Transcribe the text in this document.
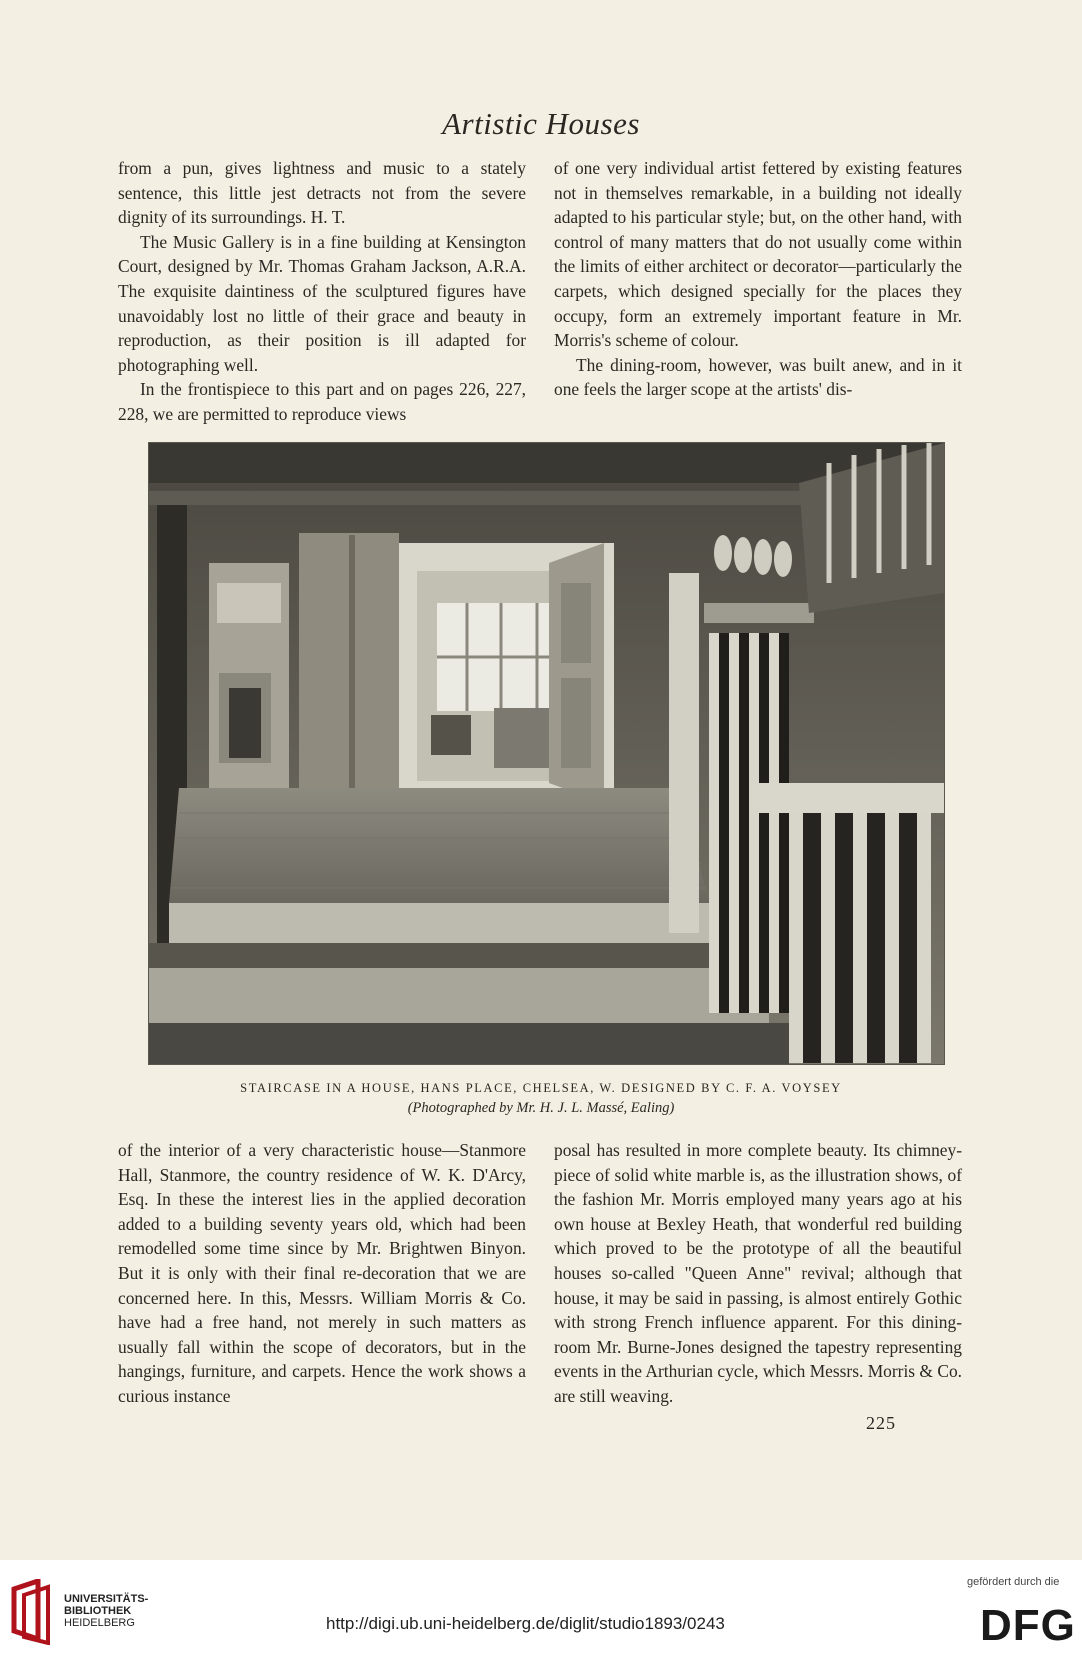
Artistic Houses

from a pun, gives lightness and music to a stately sentence, this little jest detracts not from the severe dignity of its surroundings. H. T.

The Music Gallery is in a fine building at Kensington Court, designed by Mr. Thomas Graham Jackson, A.R.A. The exquisite daintiness of the sculptured figures have unavoidably lost no little of their grace and beauty in reproduction, as their position is ill adapted for photographing well.

In the frontispiece to this part and on pages 226, 227, 228, we are permitted to reproduce views

of one very individual artist fettered by existing features not in themselves remarkable, in a building not ideally adapted to his particular style; but, on the other hand, with control of many matters that do not usually come within the limits of either architect or decorator—particularly the carpets, which designed specially for the places they occupy, form an extremely important feature in Mr. Morris's scheme of colour.

The dining-room, however, was built anew, and in it one feels the larger scope at the artists' dis-

STAIRCASE IN A HOUSE, HANS PLACE, CHELSEA, W. DESIGNED BY C. F. A. VOYSEY
(Photographed by Mr. H. J. L. Massé, Ealing)

of the interior of a very characteristic house—Stanmore Hall, Stanmore, the country residence of W. K. D'Arcy, Esq. In these the interest lies in the applied decoration added to a building seventy years old, which had been remodelled some time since by Mr. Brightwen Binyon. But it is only with their final re-decoration that we are concerned here. In this, Messrs. William Morris & Co. have had a free hand, not merely in such matters as usually fall within the scope of decorators, but in the hangings, furniture, and carpets. Hence the work shows a curious instance

posal has resulted in more complete beauty. Its chimney-piece of solid white marble is, as the illustration shows, of the fashion Mr. Morris employed many years ago at his own house at Bexley Heath, that wonderful red building which proved to be the prototype of all the beautiful houses so-called "Queen Anne" revival; although that house, it may be said in passing, is almost entirely Gothic with strong French influence apparent. For this dining-room Mr. Burne-Jones designed the tapestry representing events in the Arthurian cycle, which Messrs. Morris & Co. are still weaving.

225
UNIVERSITÄTS-
BIBLIOTHEK
HEIDELBERG	http://digi.ub.uni-heidelberg.de/diglit/studio1893/0243
gefördert durch die
DFG
